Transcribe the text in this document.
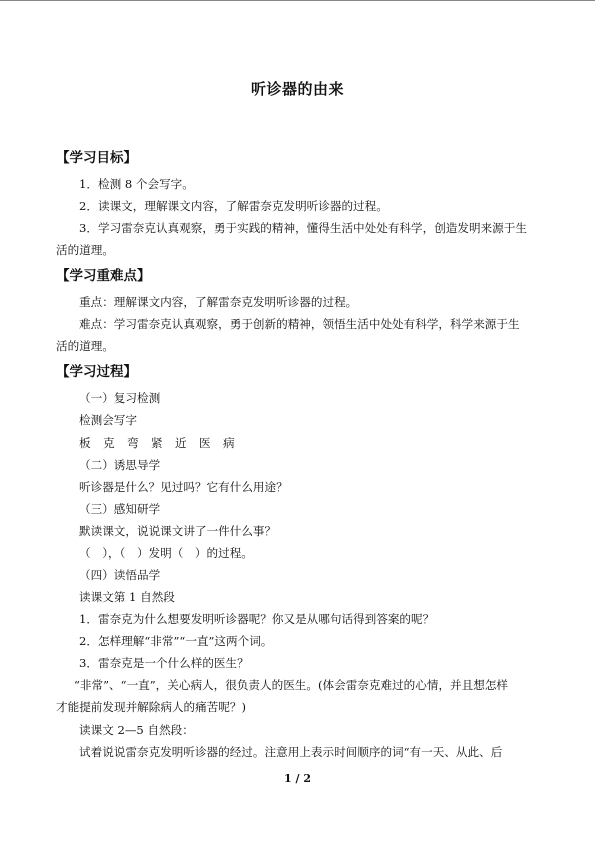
听诊器的由来
【学习目标】
1．检测 8 个会写字。
2．读课文，理解课文内容，了解雷奈克发明听诊器的过程。
3．学习雷奈克认真观察，勇于实践的精神，懂得生活中处处有科学，创造发明来源于生
活的道理。
【学习重难点】
重点：理解课文内容，了解雷奈克发明听诊器的过程。
难点：学习雷奈克认真观察，勇于创新的精神，领悟生活中处处有科学，科学来源于生
活的道理。
【学习过程】
（一）复习检测
检测会写字
板 克 弯 紧 近 医 病
（二）诱思导学
听诊器是什么？见过吗？它有什么用途？
（三）感知研学
默读课文，说说课文讲了一件什么事？
（　），（　）发明（　）的过程。
（四）读悟品学
读课文第 1 自然段
1．雷奈克为什么想要发明听诊器呢？你又是从哪句话得到答案的呢？
2．怎样理解“非常”“一直”这两个词。
3．雷奈克是一个什么样的医生？
“非常”、“一直”，关心病人，很负责人的医生。(体会雷奈克难过的心情，并且想怎样
才能提前发现并解除病人的痛苦呢？)
读课文 2—5 自然段：
试着说说雷奈克发明听诊器的经过。注意用上表示时间顺序的词“有一天、从此、后
1 / 2
